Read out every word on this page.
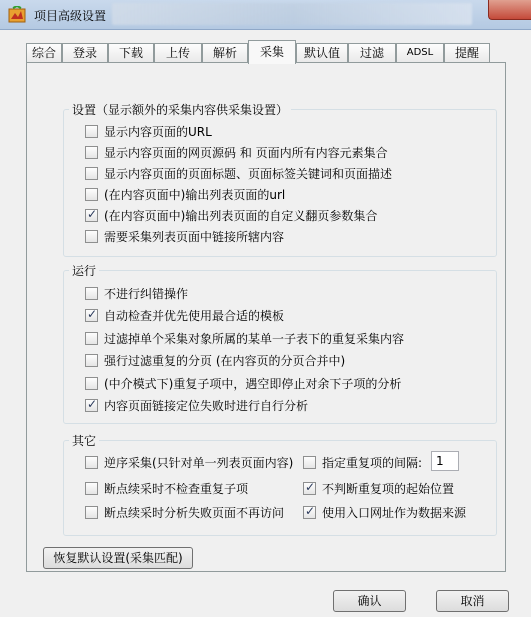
项目高级设置
综合	登录	下载	上传	解析	采集	默认值	过滤	ADSL	提醒
设置（显示额外的采集内容供采集设置）
显示内容页面的URL
显示内容页面的网页源码 和 页面内所有内容元素集合
显示内容页面的页面标题、页面标签关键词和页面描述
(在内容页面中)输出列表页面的url
✓ (在内容页面中)输出列表页面的自定义翻页参数集合
需要采集列表页面中链接所辖内容
运行
不进行纠错操作
✓ 自动检查并优先使用最合适的模板
过滤掉单个采集对象所属的某单一子表下的重复采集内容
强行过滤重复的分页 (在内容页的分页合并中)
(中介模式下)重复子项中，遇空即停止对余下子项的分析
✓ 内容页面链接定位失败时进行自行分析
其它
逆序采集(只针对单一列表页面内容)
断点续采时不检查重复子项
断点续采时分析失败页面不再访问
指定重复项的间隔:	1
✓ 不判断重复项的起始位置
✓ 使用入口网址作为数据来源
恢复默认设置(采集匹配)
确认	取消
